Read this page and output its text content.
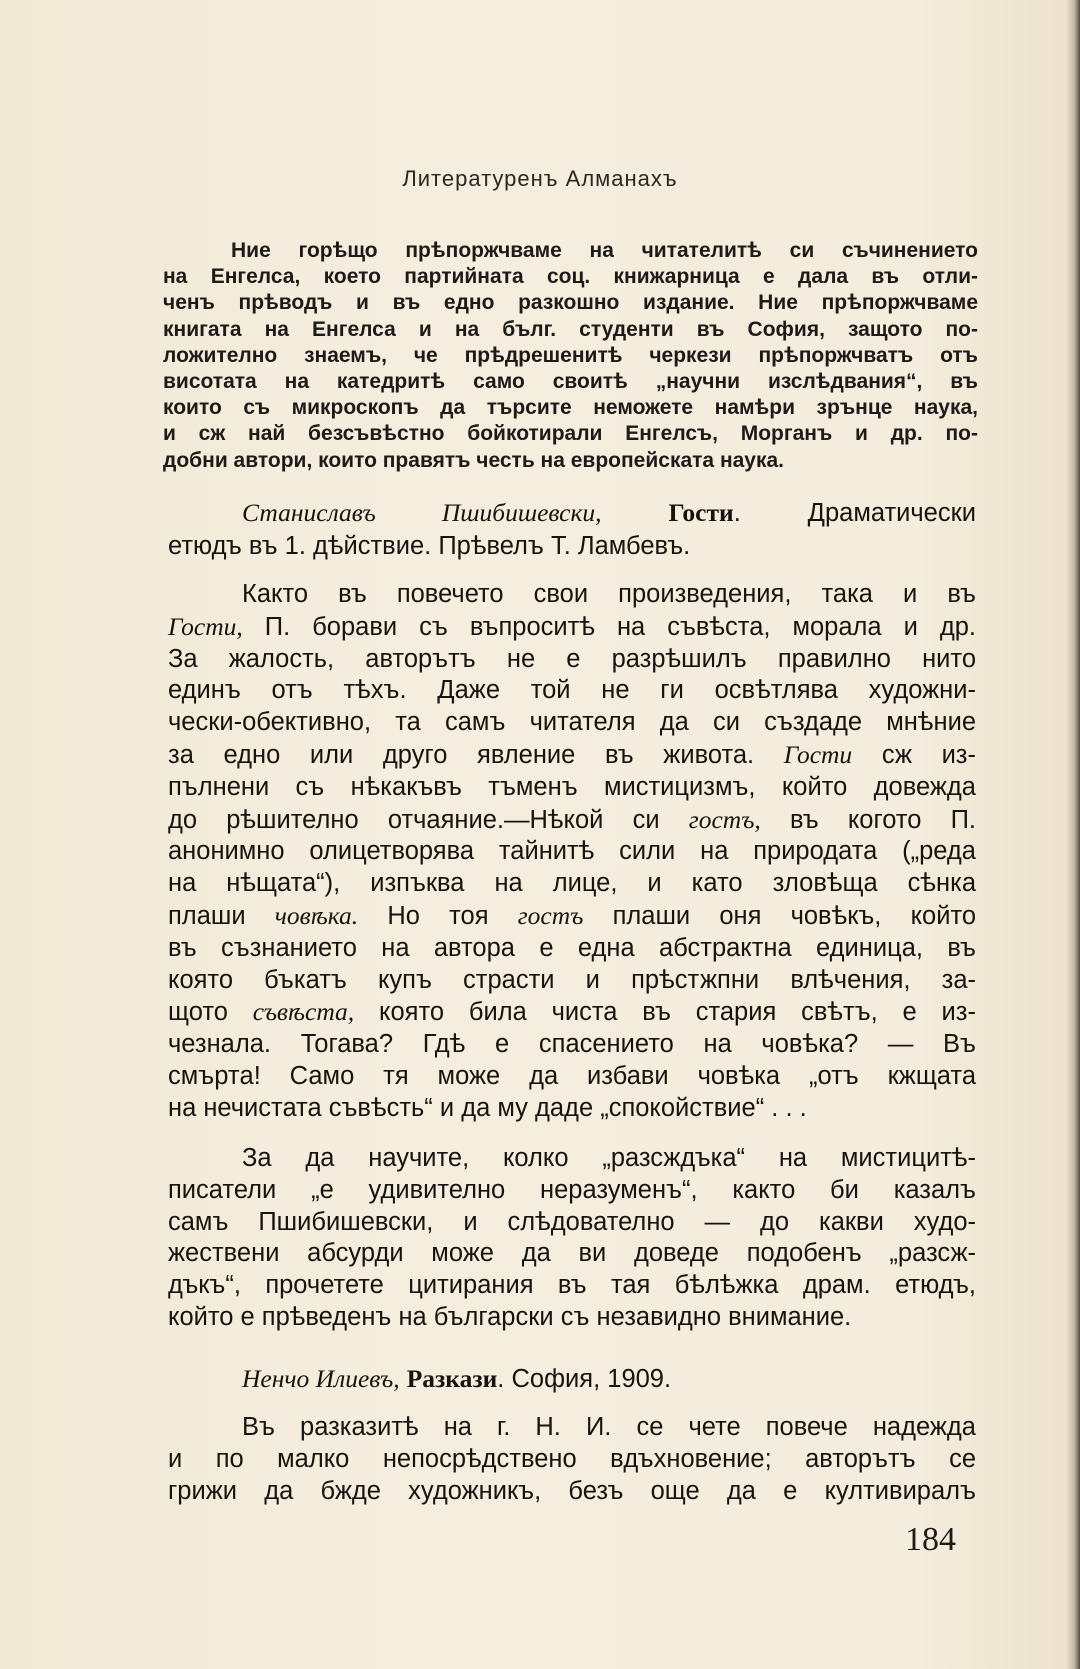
Литературенъ Алманахъ
Ние горѣщо прѣпоржчваме на читателитѣ си съчинението
на Енгелса, което партийната соц. книжарница е дала въ отли-
ченъ прѣводъ и въ едно разкошно издание. Ние прѣпоржчваме
книгата на Енгелса и на бълг. студенти въ София, защото по-
ложително знаемъ, че прѣдрешенитѣ черкези прѣпоржчватъ отъ
висотата на катедритѣ само своитѣ „научни изслѣдвания“, въ
които съ микроскопъ да търсите неможете намѣри зрънце наука,
и сж най безсъвѣстно бойкотирали Енгелсъ, Морганъ и др. по-
добни автори, които правятъ честь на европейската наука.
Станиславъ Пшибишевски,	Гости. Драматически
етюдъ въ 1. дѣйствие. Прѣвелъ Т. Ламбевъ.
Както въ повечето свои произведения, така и въ
Гости, П. борави съ въпроситѣ на съвѣста, морала и др.
За жалость, авторътъ не е разрѣшилъ правилно нито
единъ отъ тѣхъ. Даже той не ги освѣтлява художни-
чески-обективно, та самъ читателя да си създаде мнѣние
за едно или друго явление въ живота. Гости сж из-
пълнени съ нѣкакъвъ тъменъ мистицизмъ, който довежда
до рѣшително отчаяние.—Нѣкой си гостъ, въ когото П.
анонимно олицетворява тайнитѣ сили на природата („реда
на нѣщата“), изпъква на лице, и като зловѣща сѣнка
плаши човѣка. Но тоя гостъ плаши оня човѣкъ, който
въ съзнанието на автора е една абстрактна единица, въ
която бъкатъ купъ страсти и прѣстжпни влѣчения, за-
щото съвѣста, която била чиста въ стария свѣтъ, е из-
чезнала. Тогава? Гдѣ е спасението на човѣка? — Въ
смъртa! Само тя може да избави човѣка „отъ кжщата
на нечистата съвѣсть“ и да му даде „спокойствие“ . . .
За да научите, колко „разсждъка“ на мистицитѣ-
писатели „е удивително неразуменъ“, както би казалъ
самъ Пшибишевски, и слѣдователно — до какви худо-
жествени абсурди може да ви доведе подобенъ „разсж-
дъкъ“, прочетете цитирания въ тая бѣлѣжка драм. етюдъ,
който е прѣведенъ на български съ незавидно внимание.
Нeнчо Илиевъ, Разкази. София, 1909.
Въ разказитѣ на г. Н. И. се чете повече надежда
и по малко непосрѣдствено вдъхновение; авторътъ се
грижи да бжде художникъ, безъ още да е култивиралъ
184
